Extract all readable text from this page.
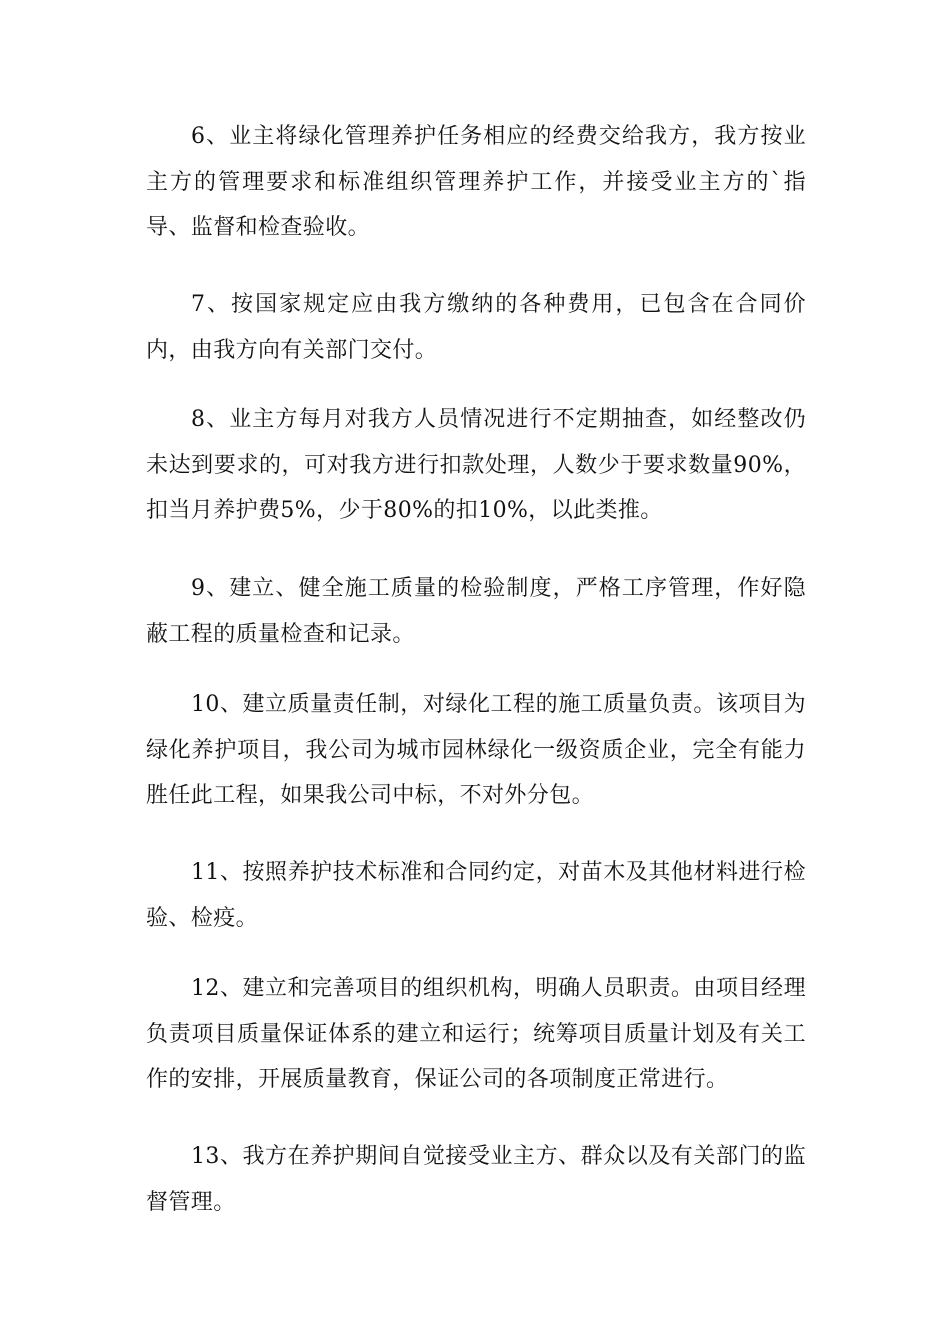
6、业主将绿化管理养护任务相应的经费交给我方，我方按业主方的管理要求和标准组织管理养护工作，并接受业主方的`指导、监督和检查验收。

7、按国家规定应由我方缴纳的各种费用，已包含在合同价内，由我方向有关部门交付。

8、业主方每月对我方人员情况进行不定期抽查，如经整改仍未达到要求的，可对我方进行扣款处理，人数少于要求数量90%，扣当月养护费5%，少于80%的扣10%，以此类推。

9、建立、健全施工质量的检验制度，严格工序管理，作好隐蔽工程的质量检查和记录。

10、建立质量责任制，对绿化工程的施工质量负责。该项目为绿化养护项目，我公司为城市园林绿化一级资质企业，完全有能力胜任此工程，如果我公司中标，不对外分包。

11、按照养护技术标准和合同约定，对苗木及其他材料进行检验、检疫。

12、建立和完善项目的组织机构，明确人员职责。由项目经理负责项目质量保证体系的建立和运行；统筹项目质量计划及有关工作的安排，开展质量教育，保证公司的各项制度正常进行。

13、我方在养护期间自觉接受业主方、群众以及有关部门的监督管理。
